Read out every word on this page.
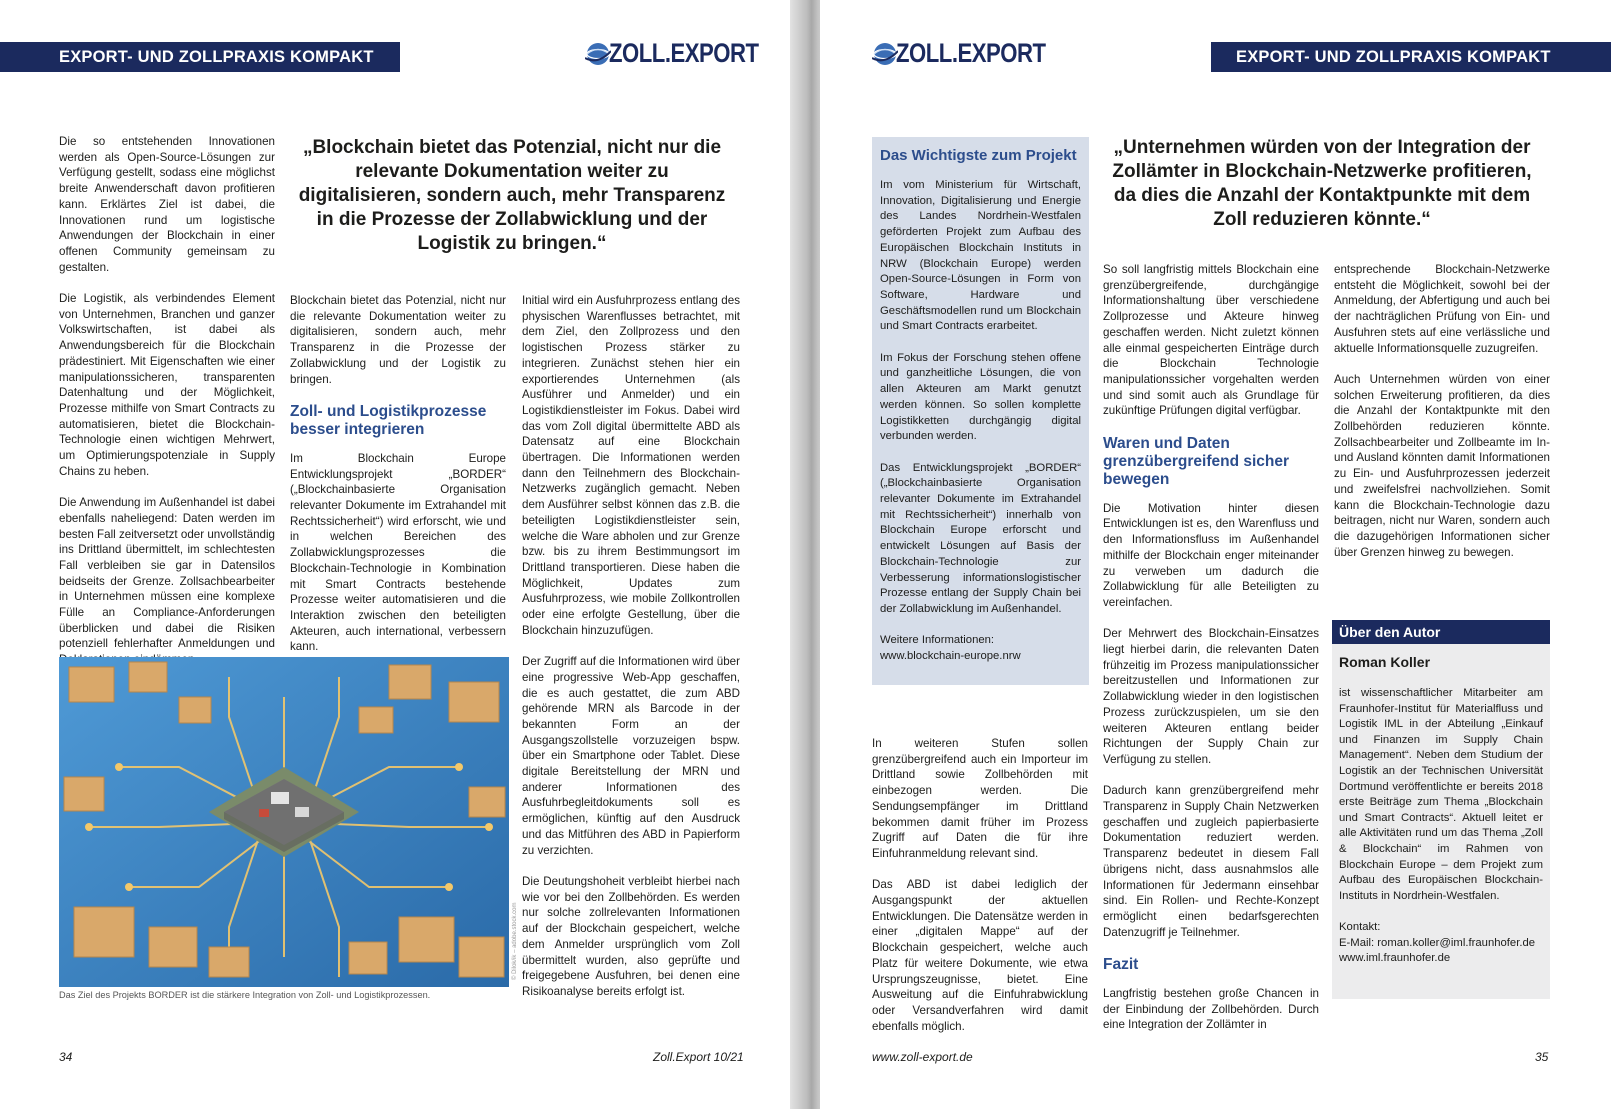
EXPORT- UND ZOLLPRAXIS KOMPAKT	ZOLL.EXPORT

Die so entstehenden Innovationen werden als Open-Source-Lösungen zur Verfügung gestellt, sodass eine möglichst breite Anwenderschaft davon profitieren kann. Erklärtes Ziel ist dabei, die Innovationen rund um logistische Anwendungen der Blockchain in einer offenen Community gemeinsam zu gestalten.

Die Logistik, als verbindendes Element von Unternehmen, Branchen und ganzer Volkswirtschaften, ist dabei als Anwendungsbereich für die Blockchain prädestiniert. Mit Eigenschaften wie einer manipulationssicheren, transparenten Datenhaltung und der Möglichkeit, Prozesse mithilfe von Smart Contracts zu automatisieren, bietet die Blockchain-Technologie einen wichtigen Mehrwert, um Optimierungspotenziale in Supply Chains zu heben.

Die Anwendung im Außenhandel ist dabei ebenfalls naheliegend: Daten werden im besten Fall zeitversetzt oder unvollständig ins Drittland übermittelt, im schlechtesten Fall verbleiben sie gar in Datensilos beidseits der Grenze. Zollsachbearbeiter in Unternehmen müssen eine komplexe Fülle an Compliance-Anforderungen überblicken und dabei die Risiken potenziell fehlerhafter Anmeldungen und

„Blockchain bietet das Potenzial, nicht nur die relevante Dokumentation weiter zu digitalisieren, sondern auch, mehr Transparenz in die Prozesse der Zollabwicklung und der Logistik zu bringen.“

Blockchain bietet das Potenzial, nicht nur die relevante Dokumentation weiter zu digitalisieren, sondern auch, mehr Transparenz in die Prozesse der Zollabwicklung und der Logistik zu bringen.

Zoll- und Logistikprozesse besser integrieren

Im Blockchain Europe Entwicklungsprojekt „BORDER“ („Blockchainbasierte Organisation relevanter Dokumente im Extrahandel mit Rechtssicherheit“) wird erforscht, wie und in welchen Bereichen des Zollabwicklungsprozesses die Blockchain-Technologie in Kombination mit Smart Contracts bestehende Prozesse weiter automatisieren und die Interaktion zwischen den beteiligten Akteuren, auch international, verbessern kann.

Initial wird ein Ausfuhrprozess entlang des physischen Warenflusses betrachtet, mit dem Ziel, den Zollprozess und den logistischen Prozess stärker zu integrieren. Zunächst stehen hier ein exportierendes Unternehmen (als Ausführer und Anmelder) und ein Logistikdienstleister im Fokus. Dabei wird das vom Zoll digital übermittelte ABD als Datensatz auf eine Blockchain übertragen. Die Informationen werden dann den Teilnehmern des Blockchain-Netzwerks zugänglich gemacht. Neben dem Ausführer selbst können das z.B. die beteiligten Logistikdienstleister sein, welche die Ware abholen und zur Grenze bzw. bis zu ihrem Bestimmungsort im Drittland transportieren. Diese haben die Möglichkeit, Updates zum Ausfuhrprozess, wie mobile Zollkontrollen oder eine erfolgte Gestellung, über die Blockchain hinzuzufügen.

Der Zugriff auf die Informationen wird über eine progressive Web-App geschaffen, die es auch gestattet, die zum ABD gehörende MRN als Barcode in der bekannten Form an der Ausgangszollstelle vorzuzeigen bspw. über ein Smartphone oder Tablet. Diese digitale Bereitstellung der MRN und anderer Informationen des Ausfuhrbegleitdokuments soll es ermöglichen, künftig auf den Ausdruck und das Mitführen des ABD in Papierform zu verzichten.

Die Deutungshoheit verbleibt hierbei nach wie vor bei den Zollbehörden. Es werden nur solche zollrelevanten Informationen auf der Blockchain gespeichert, welche dem Anmelder ursprünglich vom Zoll übermittelt wurden, also geprüfte und freigegebene Ausfuhren, bei denen eine Risikoanalyse bereits erfolgt ist.

© Dilok/ik – adobe.stock.com
Das Ziel des Projekts BORDER ist die stärkere Integration von Zoll- und Logistikprozessen.
34	Zoll.Export 10/21
ZOLL.EXPORT	EXPORT- UND ZOLLPRAXIS KOMPAKT
Das Wichtigste zum Projekt

Im vom Ministerium für Wirtschaft, Innovation, Digitalisierung und Energie des Landes Nordrhein-Westfalen geförderten Projekt zum Aufbau des Europäischen Blockchain Instituts in NRW (Blockchain Europe) werden Open-Source-Lösungen in Form von Software, Hardware und Geschäftsmodellen rund um Blockchain und Smart Contracts erarbeitet.

Im Fokus der Forschung stehen offene und ganzheitliche Lösungen, die von allen Akteuren am Markt genutzt werden können. So sollen komplette Logistikketten durchgängig digital verbunden werden.

Das Entwicklungsprojekt „BORDER“ („Blockchainbasierte Organisation relevanter Dokumente im Extrahandel mit Rechtssicherheit“) innerhalb von Blockchain Europe erforscht und entwickelt Lösungen auf Basis der Blockchain-Technologie zur Verbesserung informationslogistischer Prozesse entlang der Supply Chain bei der Zollabwicklung im Außenhandel.

Weitere Informationen:
www.blockchain-europe.nrw

In weiteren Stufen sollen grenzübergreifend auch ein Importeur im Drittland sowie Zollbehörden mit einbezogen werden. Die Sendungsempfänger im Drittland bekommen damit früher im Prozess Zugriff auf Daten die für ihre Einfuhranmeldung relevant sind.

Das ABD ist dabei lediglich der Ausgangspunkt der aktuellen Entwicklungen. Die Datensätze werden in einer „digitalen Mappe“ auf der Blockchain gespeichert, welche auch Platz für weitere Dokumente, wie etwa Ursprungszeugnisse, bietet. Eine Ausweitung auf die Einfuhrabwicklung oder Versandverfahren wird damit ebenfalls möglich.

„Unternehmen würden von der Integration der Zollämter in Blockchain-Netzwerke profitieren, da dies die Anzahl der Kontaktpunkte mit dem Zoll reduzieren könnte.“

So soll langfristig mittels Blockchain eine grenzübergreifende, durchgängige Informationshaltung über verschiedene Zollprozesse und Akteure hinweg geschaffen werden. Nicht zuletzt können alle einmal gespeicherten Einträge durch die Blockchain Technologie manipulationssicher vorgehalten werden und sind somit auch als Grundlage für zukünftige Prüfungen digital verfügbar.

Waren und Daten grenzübergreifend sicher bewegen

Die Motivation hinter diesen Entwicklungen ist es, den Warenfluss und den Informationsfluss im Außenhandel mithilfe der Blockchain enger miteinander zu verweben um dadurch die Zollabwicklung für alle Beteiligten zu vereinfachen.

Der Mehrwert des Blockchain-Einsatzes liegt hierbei darin, die relevanten Daten frühzeitig im Prozess manipulationssicher bereitzustellen und Informationen zur Zollabwicklung wieder in den logistischen Prozess zurückzuspielen, um sie den weiteren Akteuren entlang beider Richtungen der Supply Chain zur Verfügung zu stellen.

Dadurch kann grenzübergreifend mehr Transparenz in Supply Chain Netzwerken geschaffen und zugleich papierbasierte Dokumentation reduziert werden. Transparenz bedeutet in diesem Fall übrigens nicht, dass ausnahmslos alle Informationen für Jedermann einsehbar sind. Ein Rollen- und Rechte-Konzept ermöglicht einen bedarfsgerechten Datenzugriff je Teilnehmer.

Fazit

Langfristig bestehen große Chancen in der Einbindung der Zollbehörden. Durch eine Integration der Zollämter in

entsprechende Blockchain-Netzwerke entsteht die Möglichkeit, sowohl bei der Anmeldung, der Abfertigung und auch bei der nachträglichen Prüfung von Ein- und Ausfuhren stets auf eine verlässliche und aktuelle Informationsquelle zuzugreifen.

Auch Unternehmen würden von einer solchen Erweiterung profitieren, da dies die Anzahl der Kontaktpunkte mit den Zollbehörden reduzieren könnte. Zollsachbearbeiter und Zollbeamte im In- und Ausland könnten damit Informationen zu Ein- und Ausfuhrprozessen jederzeit und zweifelsfrei nachvollziehen. Somit kann die Blockchain-Technologie dazu beitragen, nicht nur Waren, sondern auch die dazugehörigen Informationen sicher über Grenzen hinweg zu bewegen.

Über den Autor
Roman Koller

ist wissenschaftlicher Mitarbeiter am Fraunhofer-Institut für Materialfluss und Logistik IML in der Abteilung „Einkauf und Finanzen im Supply Chain Management“. Neben dem Studium der Logistik an der Technischen Universität Dortmund veröffentlichte er bereits 2018 erste Beiträge zum Thema „Blockchain und Smart Contracts“. Aktuell leitet er alle Aktivitäten rund um das Thema „Zoll & Blockchain“ im Rahmen von Blockchain Europe – dem Projekt zum Aufbau des Europäischen Blockchain-Instituts in Nordrhein-Westfalen.

Kontakt:
E-Mail: roman.koller@iml.fraunhofer.de
www.iml.fraunhofer.de
www.zoll-export.de	35
